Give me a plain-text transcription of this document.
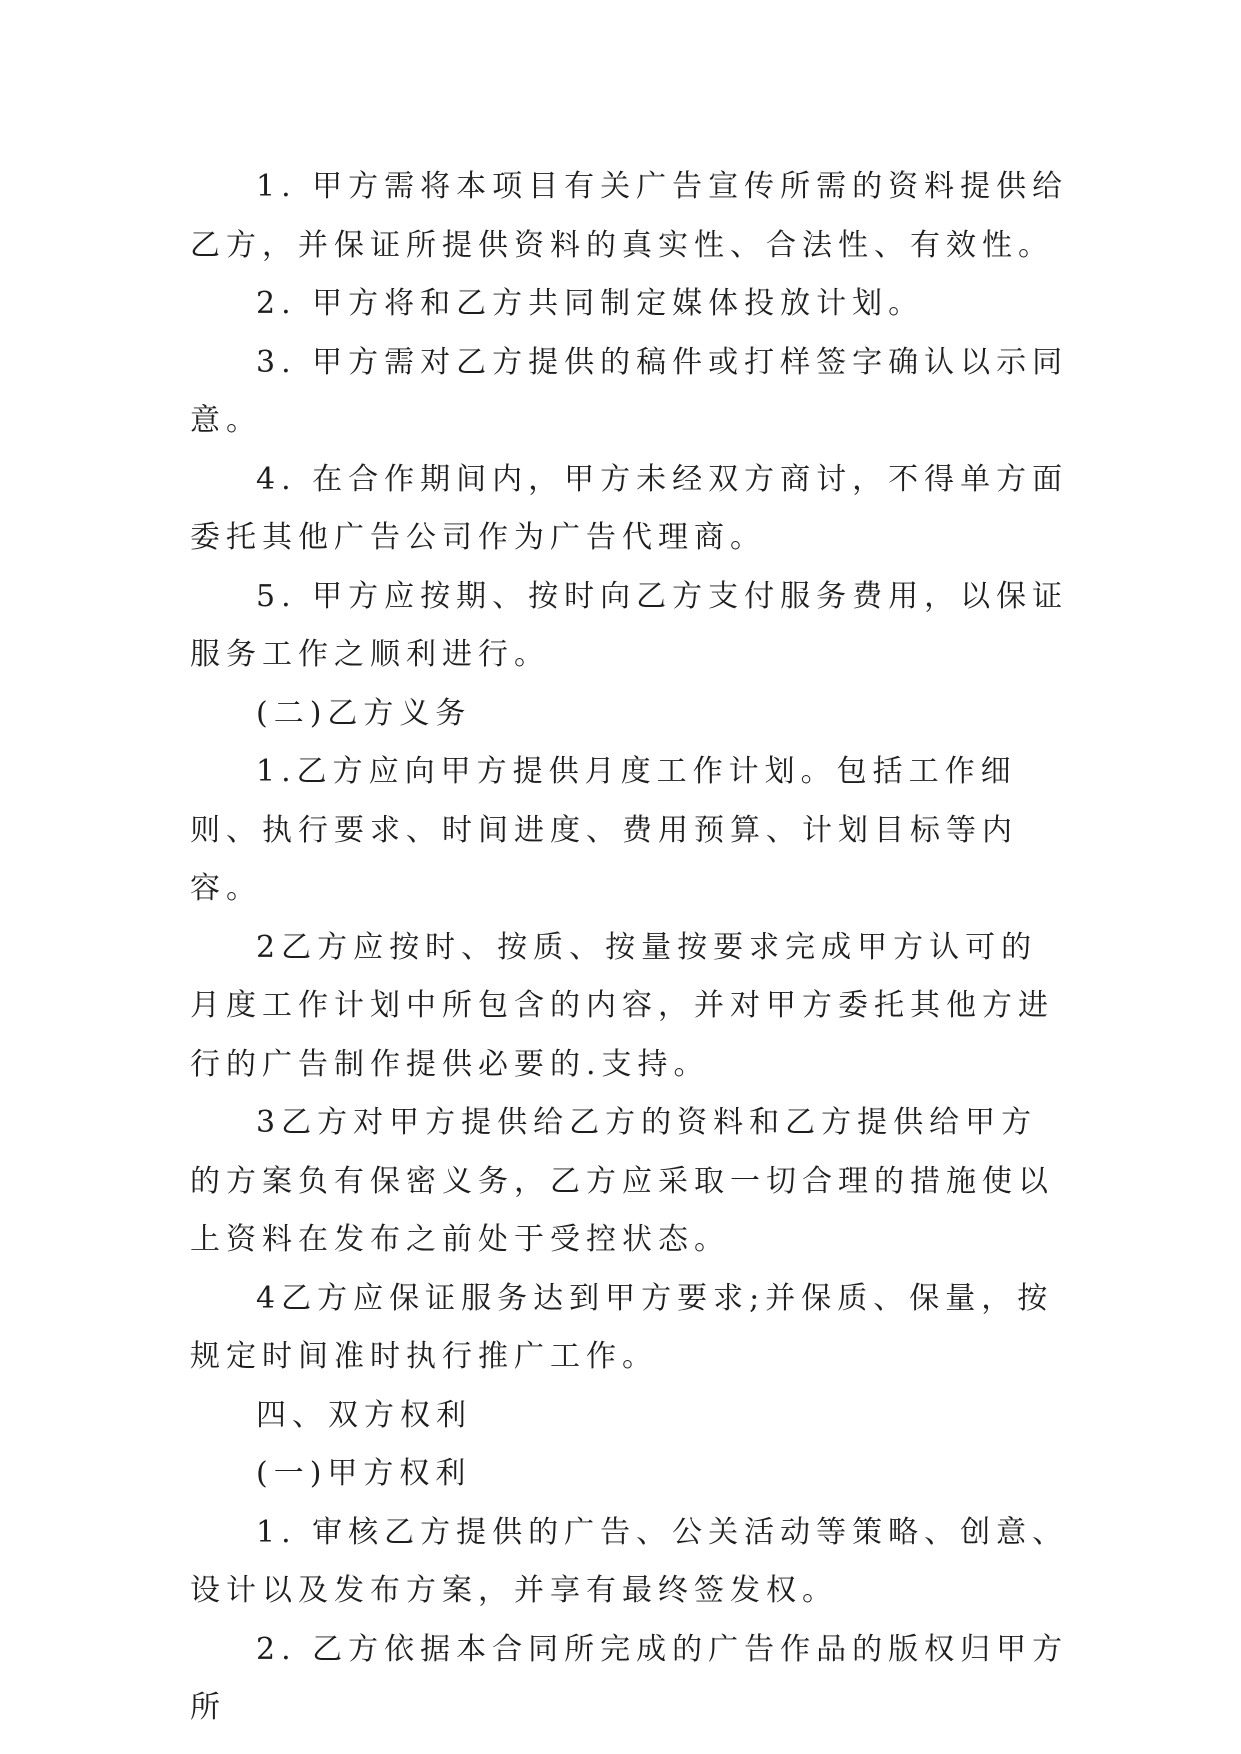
1. 甲方需将本项目有关广告宣传所需的资料提供给乙方，并保证所提供资料的真实性、合法性、有效性。

2. 甲方将和乙方共同制定媒体投放计划。

3. 甲方需对乙方提供的稿件或打样签字确认以示同意。

4. 在合作期间内，甲方未经双方商讨，不得单方面委托其他广告公司作为广告代理商。

5. 甲方应按期、按时向乙方支付服务费用，以保证服务工作之顺利进行。

(二)乙方义务

1.乙方应向甲方提供月度工作计划。包括工作细则、执行要求、时间进度、费用预算、计划目标等内容。

2乙方应按时、按质、按量按要求完成甲方认可的月度工作计划中所包含的内容，并对甲方委托其他方进行的广告制作提供必要的.支持。

3乙方对甲方提供给乙方的资料和乙方提供给甲方的方案负有保密义务，乙方应采取一切合理的措施使以上资料在发布之前处于受控状态。

4乙方应保证服务达到甲方要求;并保质、保量，按规定时间准时执行推广工作。

四、双方权利

(一)甲方权利

1. 审核乙方提供的广告、公关活动等策略、创意、设计以及发布方案，并享有最终签发权。

2. 乙方依据本合同所完成的广告作品的版权归甲方所
